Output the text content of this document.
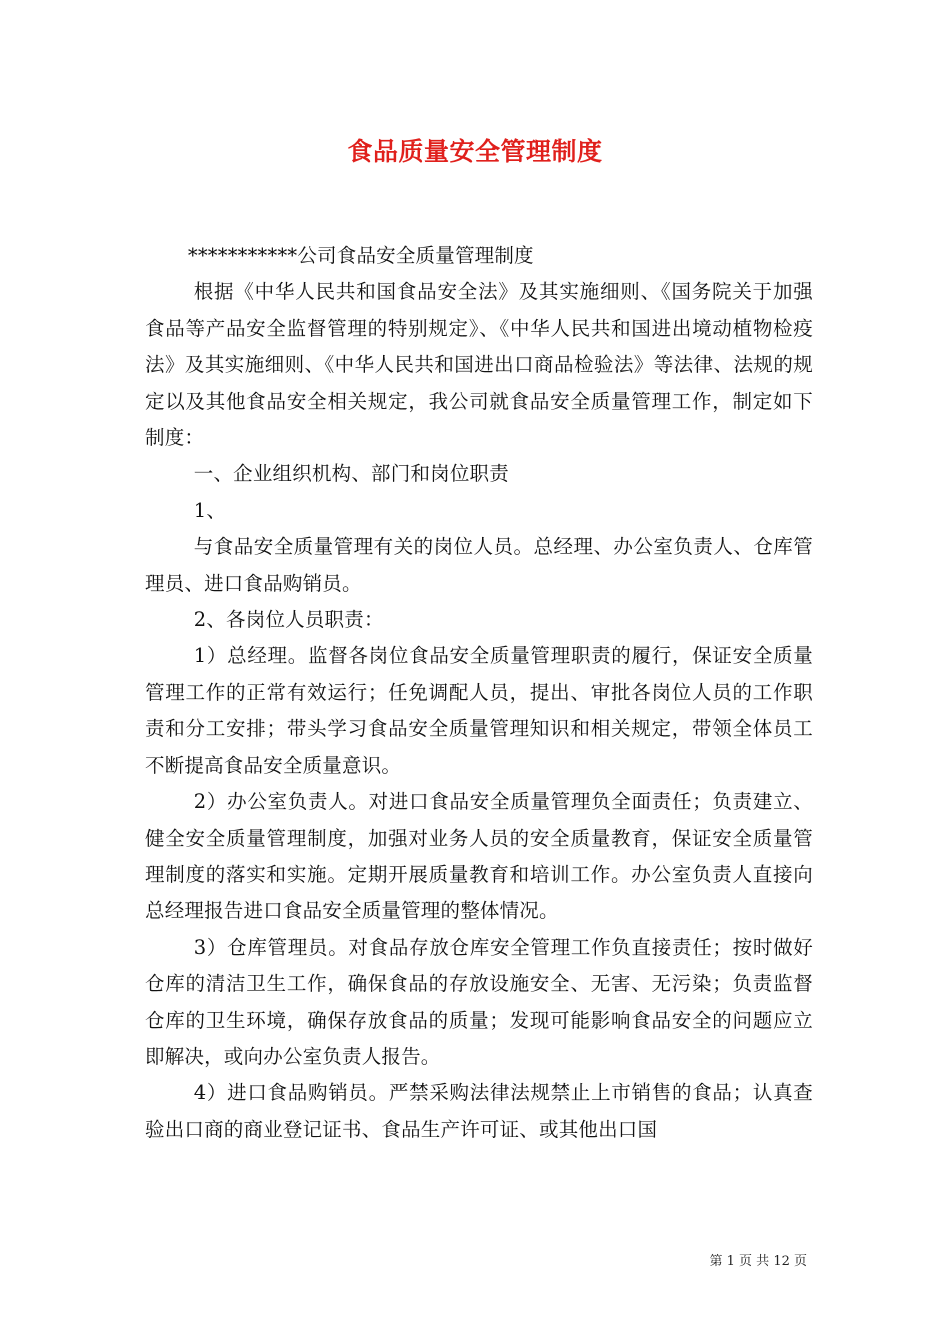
食品质量安全管理制度

***********公司食品安全质量管理制度

根据《中华人民共和国食品安全法》及其实施细则、《国务院关于加强食品等产品安全监督管理的特别规定》、《中华人民共和国进出境动植物检疫法》及其实施细则、《中华人民共和国进出口商品检验法》等法律、法规的规定以及其他食品安全相关规定，我公司就食品安全质量管理工作，制定如下制度：

一、企业组织机构、部门和岗位职责

1、

与食品安全质量管理有关的岗位人员。总经理、办公室负责人、仓库管理员、进口食品购销员。

2、各岗位人员职责：

1）总经理。监督各岗位食品安全质量管理职责的履行，保证安全质量管理工作的正常有效运行；任免调配人员，提出、审批各岗位人员的工作职责和分工安排；带头学习食品安全质量管理知识和相关规定，带领全体员工不断提高食品安全质量意识。

2）办公室负责人。对进口食品安全质量管理负全面责任；负责建立、健全安全质量管理制度，加强对业务人员的安全质量教育，保证安全质量管理制度的落实和实施。定期开展质量教育和培训工作。办公室负责人直接向总经理报告进口食品安全质量管理的整体情况。

3）仓库管理员。对食品存放仓库安全管理工作负直接责任；按时做好仓库的清洁卫生工作，确保食品的存放设施安全、无害、无污染；负责监督仓库的卫生环境，确保存放食品的质量；发现可能影响食品安全的问题应立即解决，或向办公室负责人报告。

4）进口食品购销员。严禁采购法律法规禁止上市销售的食品；认真查验出口商的商业登记证书、食品生产许可证、或其他出口国

第 1 页 共 12 页
